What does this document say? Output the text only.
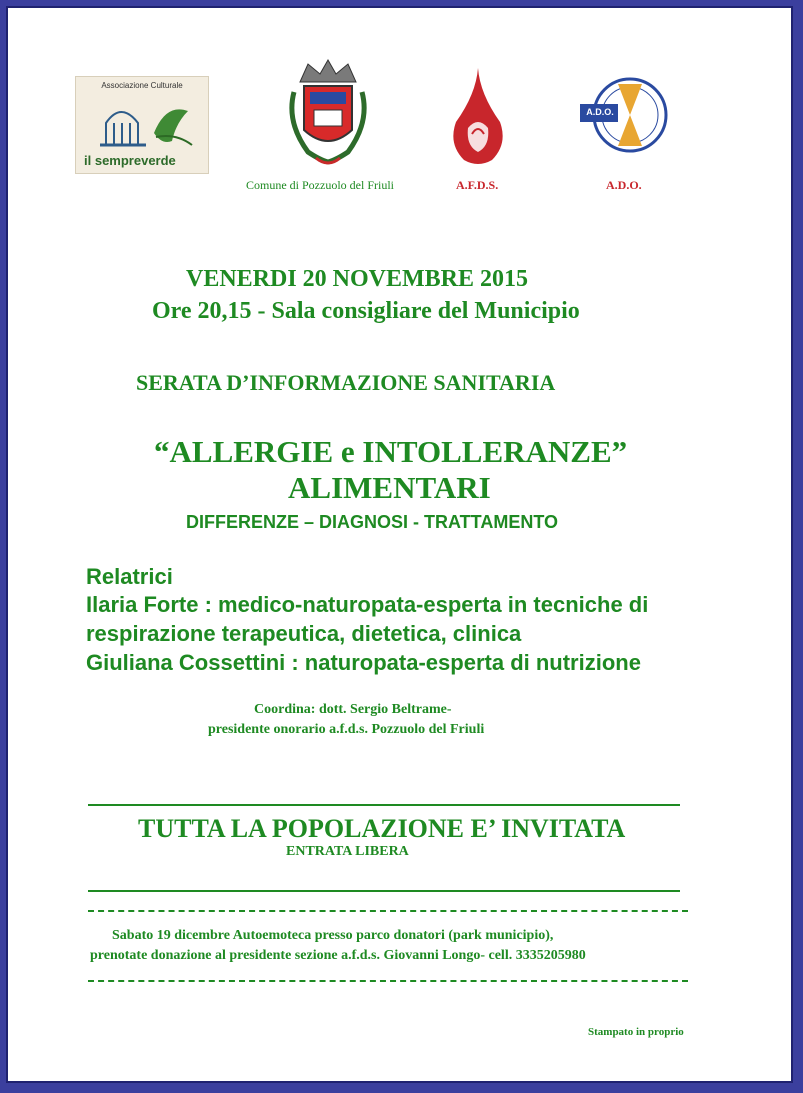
Associazione Culturale
il sempreverde
Comune di Pozzuolo del Friuli	A.F.D.S.
A.D.O.
A.D.O.
VENERDI 20 NOVEMBRE 2015
Ore 20,15 - Sala consigliare del Municipio
SERATA D’INFORMAZIONE SANITARIA
“ALLERGIE e INTOLLERANZE”
ALIMENTARI
DIFFERENZE – DIAGNOSI - TRATTAMENTO
Relatrici
Ilaria Forte : medico-naturopata-esperta in tecniche di
respirazione terapeutica, dietetica, clinica
Giuliana Cossettini : naturopata-esperta di nutrizione
Coordina: dott. Sergio Beltrame-
presidente onorario a.f.d.s. Pozzuolo del Friuli
TUTTA LA POPOLAZIONE E’ INVITATA
ENTRATA LIBERA
Sabato 19 dicembre Autoemoteca presso parco donatori (park municipio),
prenotate donazione al presidente sezione a.f.d.s. Giovanni Longo- cell. 3335205980
Stampato in proprio
